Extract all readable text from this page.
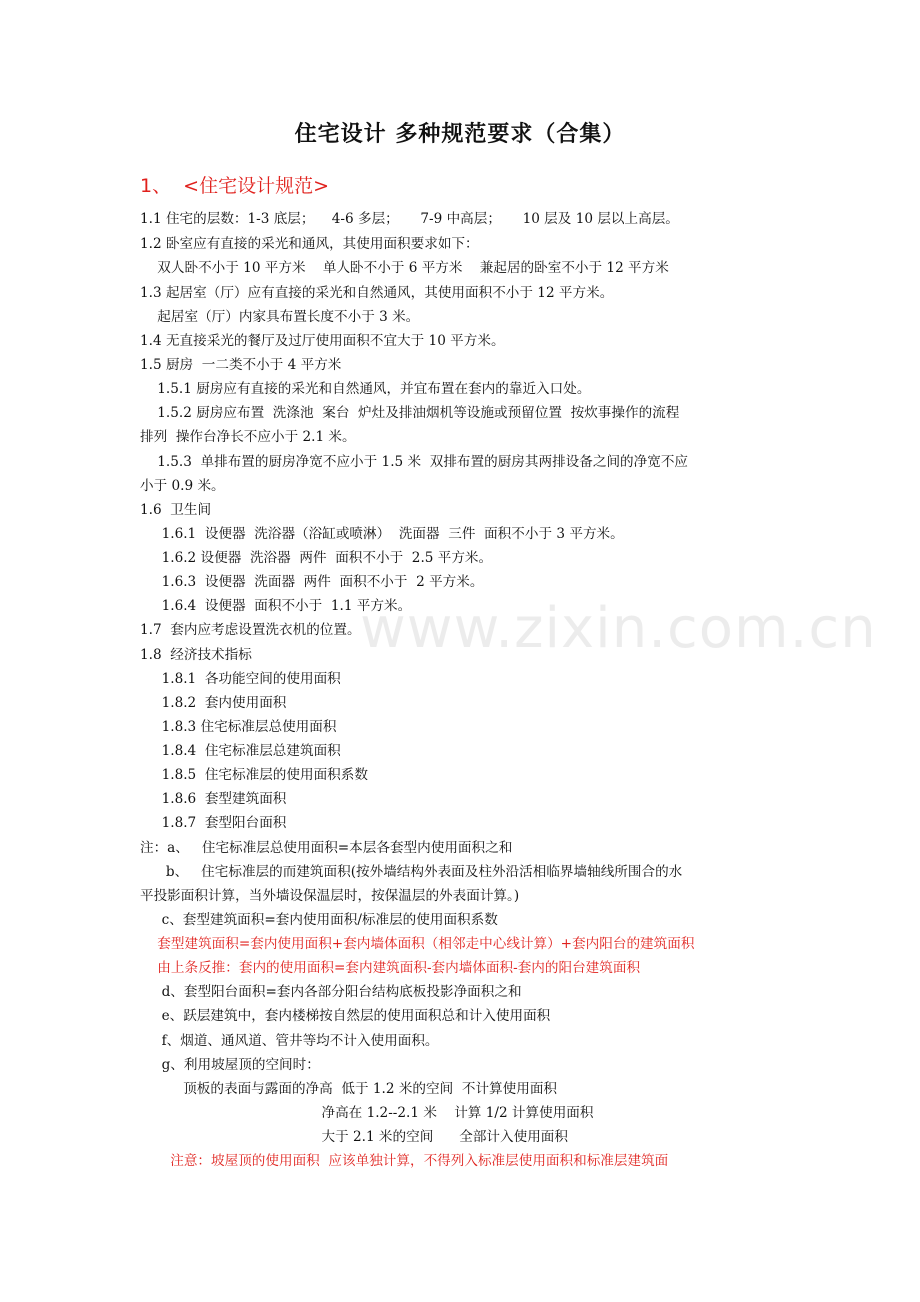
住宅设计 多种规范要求（合集）
1、  <住宅设计规范>

1.1 住宅的层数：1-3 底层；    4-6 多层；     7-9 中高层；     10 层及 10 层以上高层。

1.2 卧室应有直接的采光和通风，其使用面积要求如下：

双人卧不小于 10 平方米    单人卧不小于 6 平方米    兼起居的卧室不小于 12 平方米

1.3 起居室（厅）应有直接的采光和自然通风，其使用面积不小于 12 平方米。

起居室（厅）内家具布置长度不小于 3 米。

1.4 无直接采光的餐厅及过厅使用面积不宜大于 10 平方米。

1.5 厨房  一二类不小于 4 平方米

1.5.1 厨房应有直接的采光和自然通风，并宜布置在套内的靠近入口处。

1.5.2 厨房应布置  洗涤池  案台  炉灶及排油烟机等设施或预留位置  按炊事操作的流程

排列  操作台净长不应小于 2.1 米。

1.5.3  单排布置的厨房净宽不应小于 1.5 米  双排布置的厨房其两排设备之间的净宽不应

小于 0.9 米。

1.6  卫生间

1.6.1  设便器  洗浴器（浴缸或喷淋）  洗面器  三件  面积不小于 3 平方米。

1.6.2 设便器  洗浴器  两件  面积不小于  2.5 平方米。

1.6.3  设便器  洗面器  两件  面积不小于  2 平方米。

1.6.4  设便器  面积不小于  1.1 平方米。

1.7  套内应考虑设置洗衣机的位置。

1.8  经济技术指标

1.8.1  各功能空间的使用面积

1.8.2  套内使用面积

1.8.3 住宅标准层总使用面积

1.8.4  住宅标准层总建筑面积

1.8.5  住宅标准层的使用面积系数

1.8.6  套型建筑面积

1.8.7  套型阳台面积

注：a、   住宅标准层总使用面积=本层各套型内使用面积之和

b、   住宅标准层的而建筑面积(按外墙结构外表面及柱外沿活相临界墙轴线所围合的水

平投影面积计算，当外墙设保温层时，按保温层的外表面计算。)

c、套型建筑面积=套内使用面积/标准层的使用面积系数

套型建筑面积=套内使用面积+套内墙体面积（相邻走中心线计算）+套内阳台的建筑面积

由上条反推：套内的使用面积=套内建筑面积-套内墙体面积-套内的阳台建筑面积

d、套型阳台面积=套内各部分阳台结构底板投影净面积之和

e、跃层建筑中，套内楼梯按自然层的使用面积总和计入使用面积

f、烟道、通风道、管井等均不计入使用面积。

g、利用坡屋顶的空间时：

顶板的表面与露面的净高  低于 1.2 米的空间  不计算使用面积

净高在 1.2--2.1 米    计算 1/2 计算使用面积

大于 2.1 米的空间      全部计入使用面积

注意：坡屋顶的使用面积  应该单独计算，不得列入标准层使用面积和标准层建筑面

www.zixin.com.cn
